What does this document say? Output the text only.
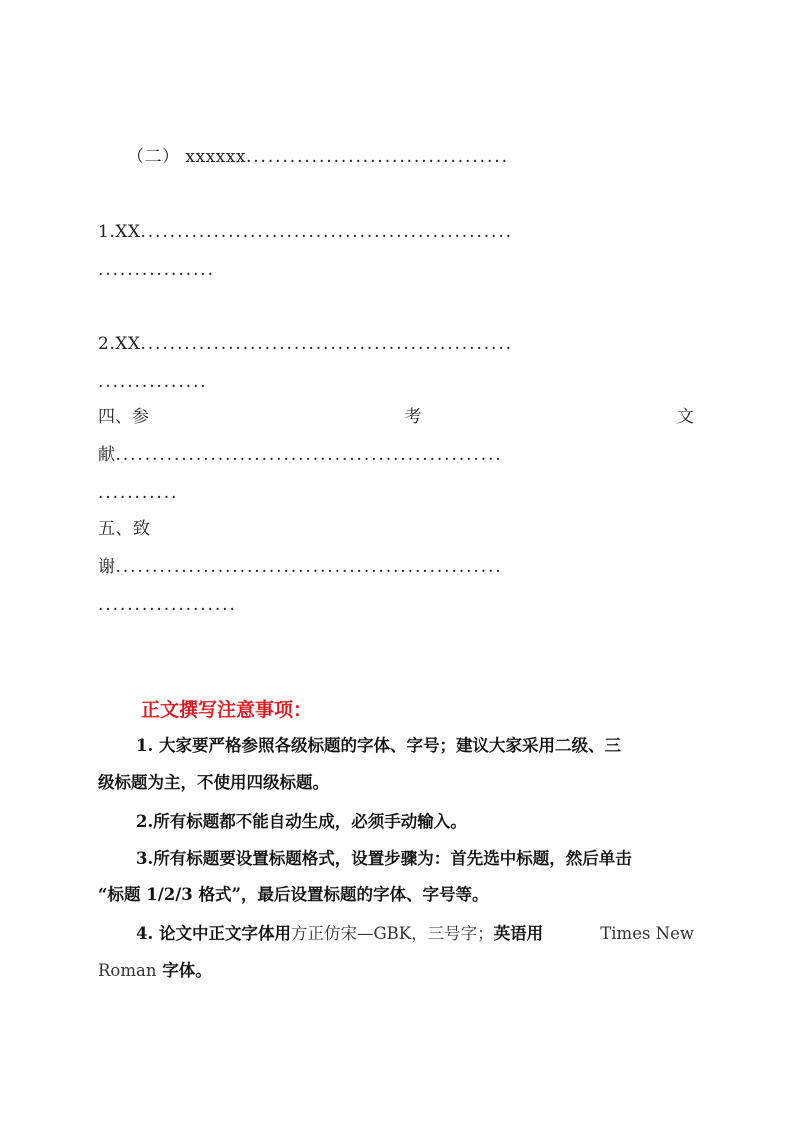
（二） xxxxxx....................................
1.XX...................................................
................
2.XX...................................................
...............
四、参	考	文
献.....................................................
...........
五、致
谢.....................................................
...................
正文撰写注意事项：
1. 大家要严格参照各级标题的字体、字号；建议大家采用二级、三
级标题为主，不使用四级标题。
2.所有标题都不能自动生成，必须手动输入。
3.所有标题要设置标题格式，设置步骤为：首先选中标题，然后单击
“标题 1/2/3 格式”，最后设置标题的字体、字号等。
4. 论文中正文字体用方正仿宋—GBK，三号字；英语用	Times New
Roman 字体。
